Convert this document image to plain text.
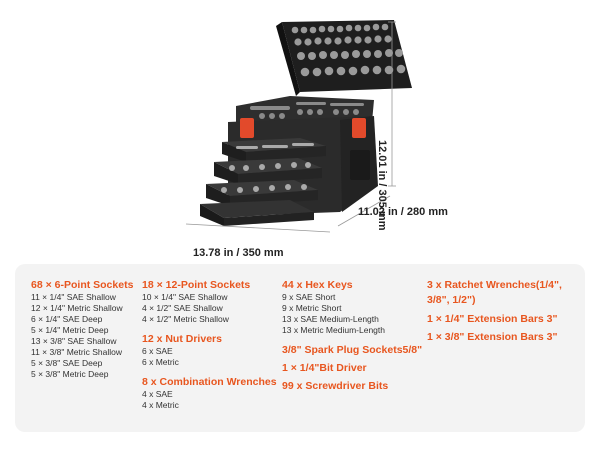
12.01 in / 305 mm
11.02 in / 280 mm
13.78 in / 350 mm
68 × 6-Point Sockets
11 × 1/4" SAE Shallow
12 × 1/4" Metric Shallow
6 × 1/4" SAE Deep
5 × 1/4" Metric Deep
13 × 3/8" SAE Shallow
11 × 3/8" Metric Shallow
5 × 3/8" SAE Deep
5 × 3/8" Metric Deep
18 × 12-Point Sockets
10 × 1/4" SAE Shallow
4 × 1/2" SAE Shallow
4 × 1/2" Metric Shallow
12 x Nut Drivers
6 x SAE
6 x Metric
8 x Combination Wrenches
4 x SAE
4 x Metric
44 x Hex Keys
9 x SAE Short
9 x Metric Short
13 x SAE Medium-Length
13 x Metric Medium-Length
3/8" Spark Plug Sockets5/8"
1 × 1/4"Bit Driver
99 x Screwdriver Bits
3 x Ratchet Wrenches(1/4", 3/8", 1/2")
1 × 1/4" Extension Bars 3"
1 × 3/8" Extension Bars 3"
